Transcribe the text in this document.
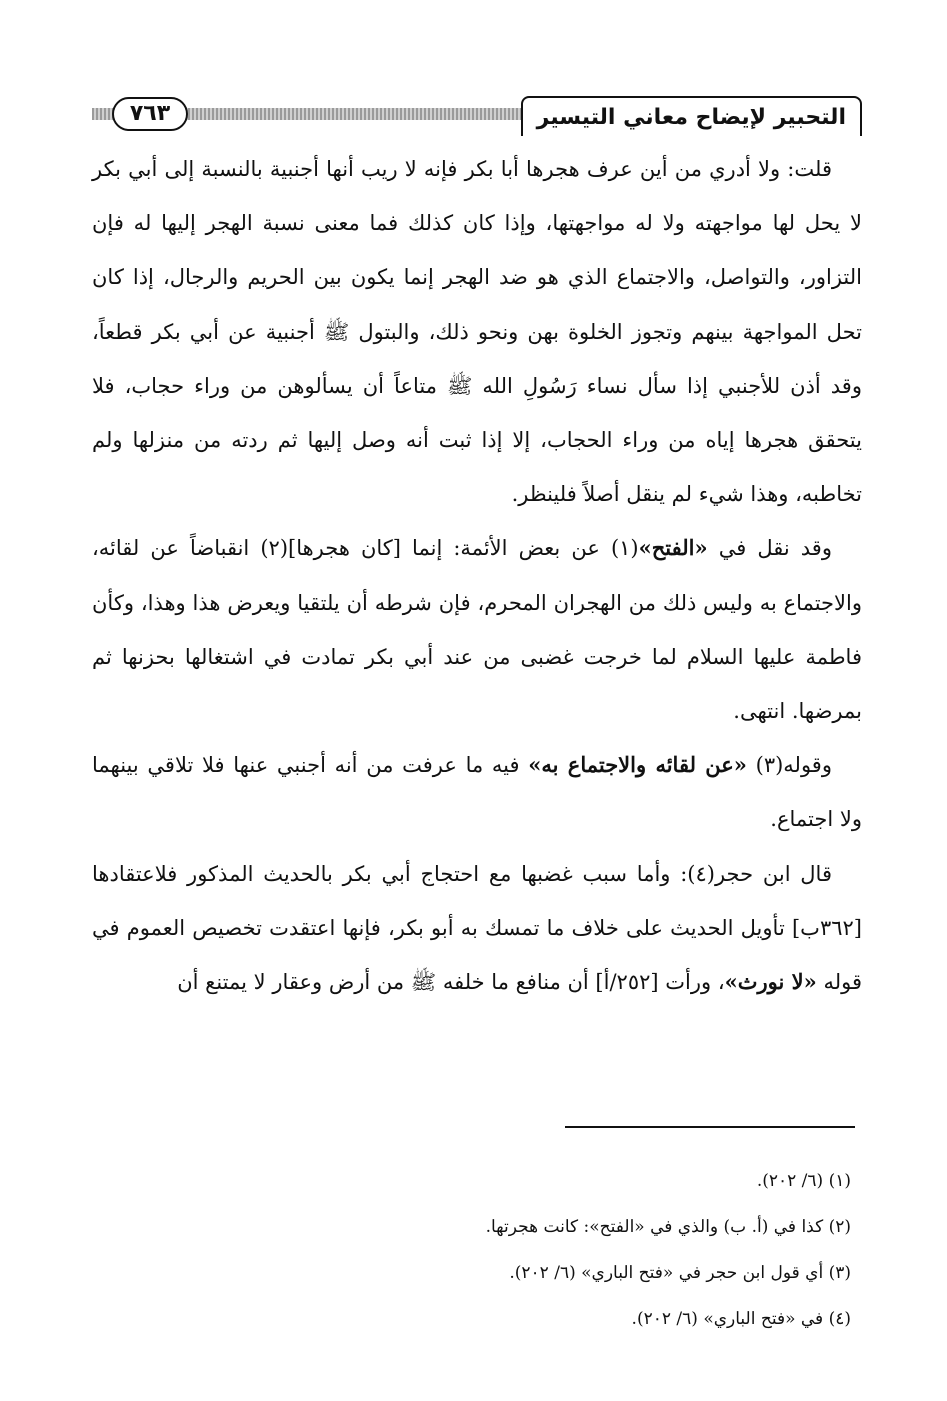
التحبير لإيضاح معاني التيسير
٧٦٣

قلت: ولا أدري من أين عرف هجرها أبا بكر فإنه لا ريب أنها أجنبية بالنسبة إلى أبي بكر لا يحل لها مواجهته ولا له مواجهتها، وإذا كان كذلك فما معنى نسبة الهجر إليها له فإن التزاور، والتواصل، والاجتماع الذي هو ضد الهجر إنما يكون بين الحريم والرجال، إذا كان تحل المواجهة بينهم وتجوز الخلوة بهن ونحو ذلك، والبتول ﷺ أجنبية عن أبي بكر قطعاً، وقد أذن للأجنبي إذا سأل نساء رَسُولِ الله ﷺ متاعاً أن يسألوهن من وراء حجاب، فلا يتحقق هجرها إياه من وراء الحجاب، إلا إذا ثبت أنه وصل إليها ثم ردته من منزلها ولم تخاطبه، وهذا شيء لم ينقل أصلاً فلينظر.

وقد نقل في «الفتح»(١) عن بعض الأئمة: إنما [كان هجرها](٢) انقباضاً عن لقائه، والاجتماع به وليس ذلك من الهجران المحرم، فإن شرطه أن يلتقيا ويعرض هذا وهذا، وكأن فاطمة عليها السلام لما خرجت غضبى من عند أبي بكر تمادت في اشتغالها بحزنها ثم بمرضها. انتهى.

وقوله(٣) «عن لقائه والاجتماع به» فيه ما عرفت من أنه أجنبي عنها فلا تلاقي بينهما ولا اجتماع.

قال ابن حجر(٤): وأما سبب غضبها مع احتجاج أبي بكر بالحديث المذكور فلاعتقادها [٣٦٢ب] تأويل الحديث على خلاف ما تمسك به أبو بكر، فإنها اعتقدت تخصيص العموم في قوله «لا نورث»، ورأت [٢٥٢/أ] أن منافع ما خلفه ﷺ من أرض وعقار لا يمتنع أن

(١) (٦/ ٢٠٢).
(٢) كذا في (أ. ب) والذي في «الفتح»: كانت هجرتها.
(٣) أي قول ابن حجر في «فتح الباري» (٦/ ٢٠٢).
(٤) في «فتح الباري» (٦/ ٢٠٢).
